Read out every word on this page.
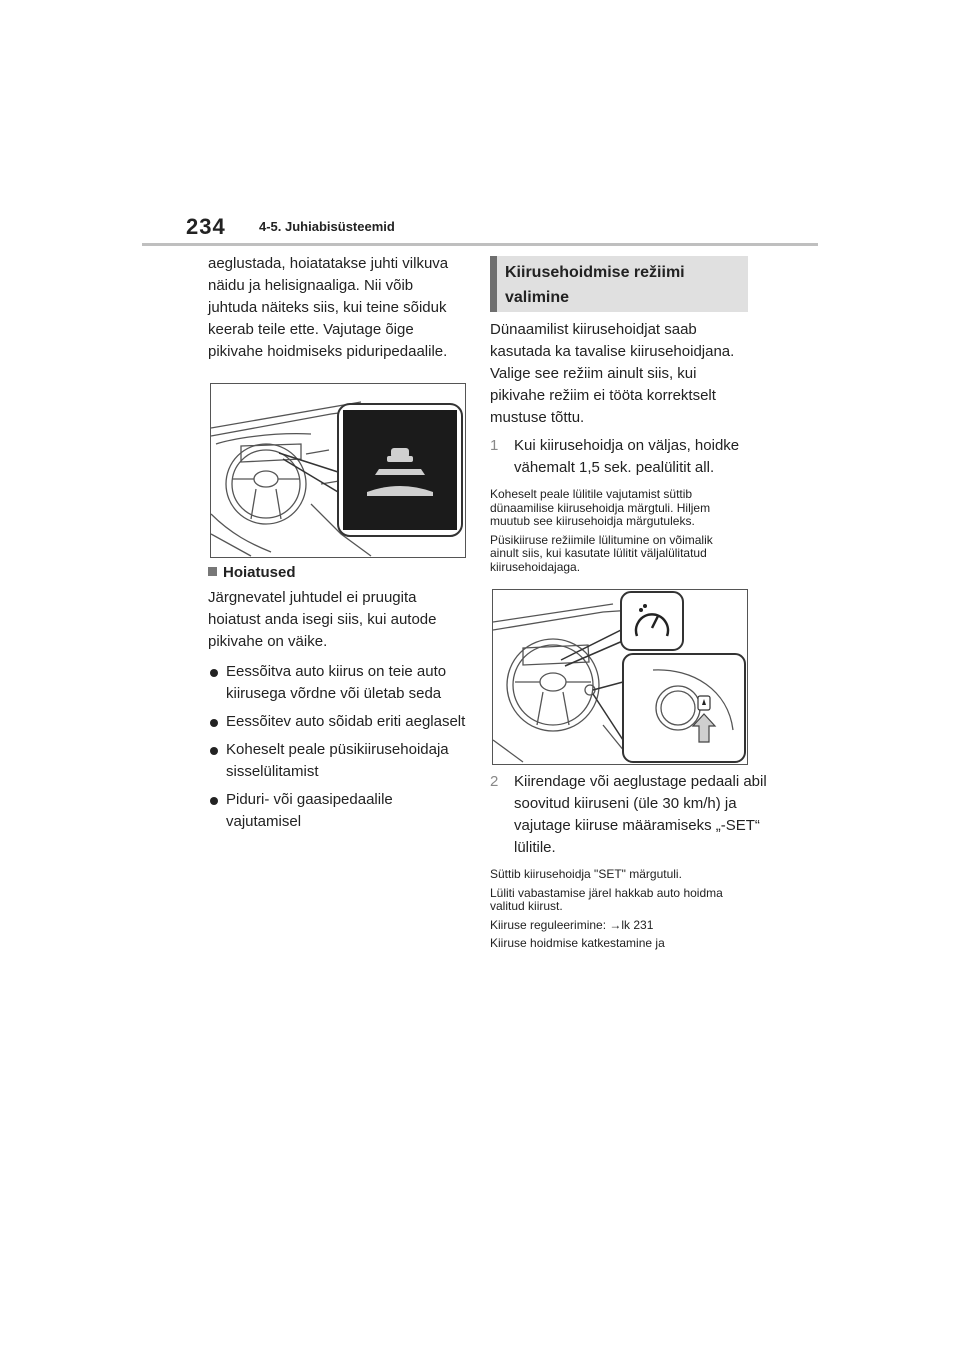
234	4-5. Juhiabisüsteemid

aeglustada, hoiatatakse juhti vilkuva näidu ja helisignaaliga. Nii võib juhtuda näiteks siis, kui teine sõiduk keerab teile ette. Vajutage õige pikivahe hoidmiseks piduripedaalile.

Hoiatused

Järgnevatel juhtudel ei pruugita hoiatust anda isegi siis, kui autode pikivahe on väike.

Eessõitva auto kiirus on teie auto kiirusega võrdne või ületab seda

Eessõitev auto sõidab eriti aeglaselt

Koheselt peale püsikiirusehoidaja sisselülitamist

Piduri- või gaasipedaalile vajutamisel

Kiirusehoidmise režiimi valimine

Dünaamilist kiirusehoidjat saab kasutada ka tavalise kiirusehoidjana. Valige see režiim ainult siis, kui pikivahe režiim ei tööta korrektselt mustuse tõttu.

1 Kui kiirusehoidja on väljas, hoidke vähemalt 1,5 sek. pealülitit all.

Koheselt peale lülitile vajutamist süttib dünaamilise kiirusehoidja märgtuli. Hiljem muutub see kiirusehoidja märgutuleks.

Püsikiiruse režiimile lülitumine on võimalik ainult siis, kui kasutate lülitit väljalülitatud kiirusehoidajaga.

2 Kiirendage või aeglustage pedaali abil soovitud kiiruseni (üle 30 km/h) ja vajutage kiiruse määramiseks „-SET“ lülitile.

Süttib kiirusehoidja "SET" märgutuli.

Lüliti vabastamise järel hakkab auto hoidma valitud kiirust.

Kiiruse reguleerimine: →lk 231

Kiiruse hoidmise katkestamine ja
